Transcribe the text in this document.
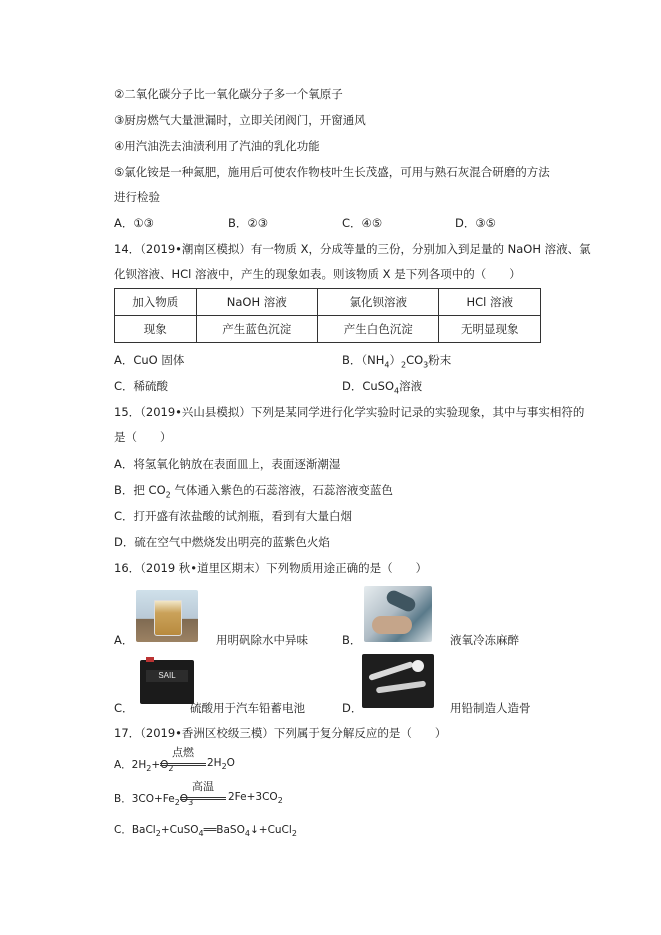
②二氧化碳分子比一氧化碳分子多一个氧原子
③厨房燃气大量泄漏时，立即关闭阀门，开窗通风
④用汽油洗去油渍利用了汽油的乳化功能
⑤氯化铵是一种氮肥，施用后可使农作物枝叶生长茂盛，可用与熟石灰混合研磨的方法
进行检验
A．①③	B．②③	C．④⑤	D．③⑤
14．（2019•潮南区模拟）有一物质 X，分成等量的三份，分别加入到足量的 NaOH 溶液、氯
化钡溶液、HCl 溶液中，产生的现象如表。则该物质 X 是下列各项中的（　　）
加入物质	NaOH 溶液	氯化钡溶液	HCl 溶液
现象	产生蓝色沉淀	产生白色沉淀	无明显现象
A．CuO 固体	B．$(NH_4)_2CO_3$粉末
C．稀硫酸	D．CuSO$_4$溶液
15．（2019•兴山县模拟）下列是某同学进行化学实验时记录的实验现象，其中与事实相符的
是（　　）
A．将氢氧化钠放在表面皿上，表面逐渐潮湿
B．把 $CO_2$ 气体通入紫色的石蕊溶液，石蕊溶液变蓝色
C．打开盛有浓盐酸的试剂瓶，看到有大量白烟
D．硫在空气中燃烧发出明亮的蓝紫色火焰
16．（2019 秋•道里区期末）下列物质用途正确的是（　　）
A．	用明矾除水中异味	B．	液氧冷冻麻醉
C．
SAIL
硫酸用于汽车铅蓄电池	D．	用铅制造人造骨
17．（2019•香洲区校级三模）下列属于复分解反应的是（　　）
A．$2H_2+O_2$
点燃
$2H_2O$
B．$3CO+Fe_2O_3$
高温
$2Fe+3CO_2$
C．BaCl$_2$+CuSO$_4$══BaSO$_4$↓+CuCl$_2$
